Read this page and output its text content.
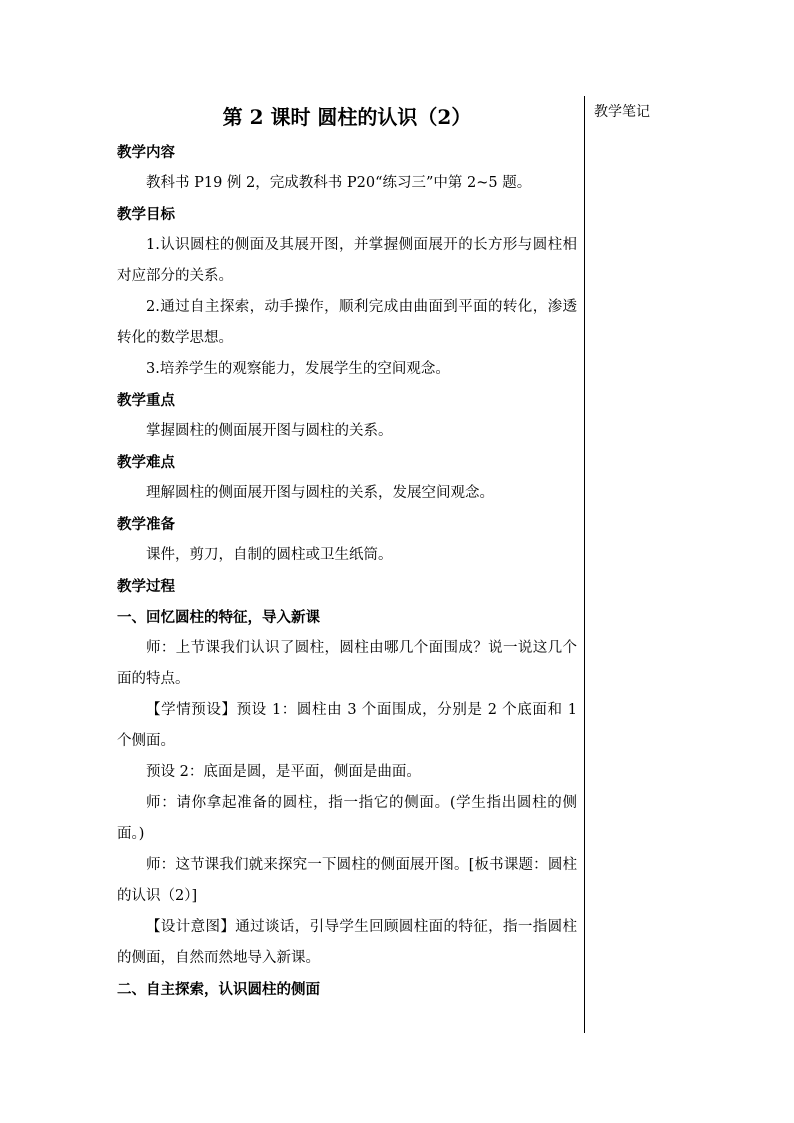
教学笔记
第 2 课时 圆柱的认识（2）

教学内容

教科书 P19 例 2，完成教科书 P20“练习三”中第 2~5 题。

教学目标

1.认识圆柱的侧面及其展开图，并掌握侧面展开的长方形与圆柱相对应部分的关系。

2.通过自主探索，动手操作，顺利完成由曲面到平面的转化，渗透转化的数学思想。

3.培养学生的观察能力，发展学生的空间观念。

教学重点

掌握圆柱的侧面展开图与圆柱的关系。

教学难点

理解圆柱的侧面展开图与圆柱的关系，发展空间观念。

教学准备

课件，剪刀，自制的圆柱或卫生纸筒。

教学过程

一、回忆圆柱的特征，导入新课

师：上节课我们认识了圆柱，圆柱由哪几个面围成？说一说这几个面的特点。

【学情预设】预设 1：圆柱由 3 个面围成，分别是 2 个底面和 1 个侧面。

预设 2：底面是圆，是平面，侧面是曲面。

师：请你拿起准备的圆柱，指一指它的侧面。(学生指出圆柱的侧面。)

师：这节课我们就来探究一下圆柱的侧面展开图。[板书课题：圆柱的认识（2）]

【设计意图】通过谈话，引导学生回顾圆柱面的特征，指一指圆柱的侧面，自然而然地导入新课。

二、自主探索，认识圆柱的侧面
